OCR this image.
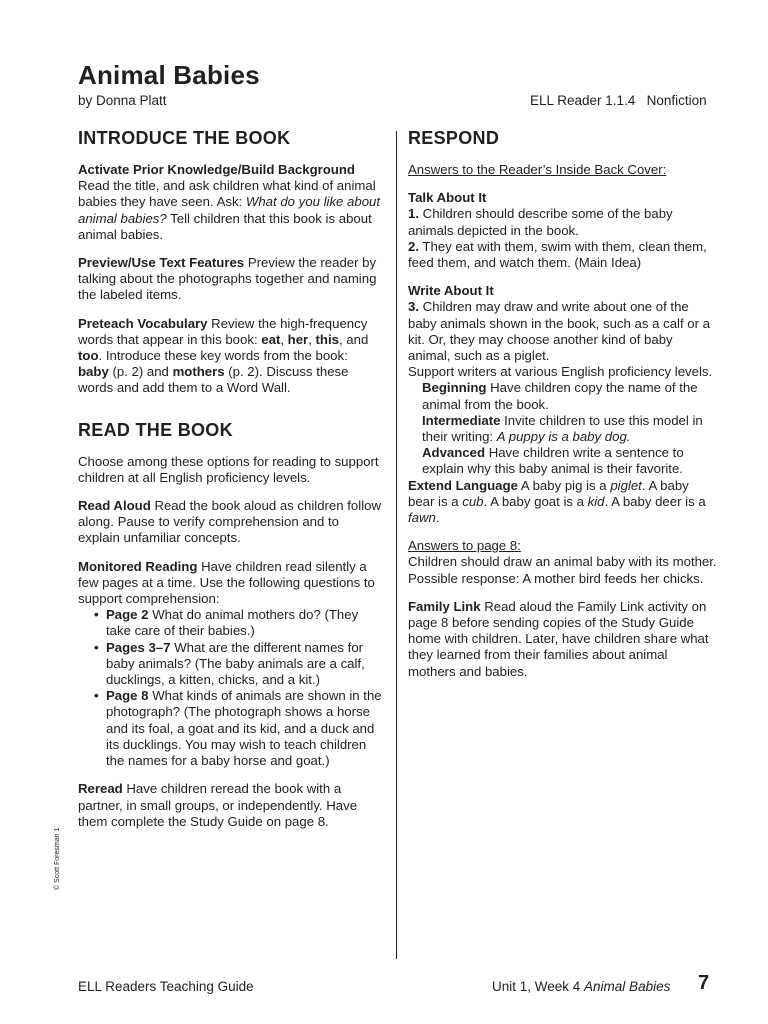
Animal Babies
by Donna Platt	ELL Reader 1.1.4   Nonfiction
INTRODUCE THE BOOK

Activate Prior Knowledge/Build Background Read the title, and ask children what kind of animal babies they have seen. Ask: What do you like about animal babies? Tell children that this book is about animal babies.

Preview/Use Text Features Preview the reader by talking about the photographs together and naming the labeled items.

Preteach Vocabulary Review the high-frequency words that appear in this book: eat, her, this, and too. Introduce these key words from the book: baby (p. 2) and mothers (p. 2). Discuss these words and add them to a Word Wall.

READ THE BOOK

Choose among these options for reading to support children at all English proficiency levels.

Read Aloud Read the book aloud as children follow along. Pause to verify comprehension and to explain unfamiliar concepts.

Monitored Reading Have children read silently a few pages at a time. Use the following questions to support comprehension:

• Page 2 What do animal mothers do? (They take care of their babies.)
• Pages 3–7 What are the different names for baby animals? (The baby animals are a calf, ducklings, a kitten, chicks, and a kit.)
• Page 8 What kinds of animals are shown in the photograph? (The photograph shows a horse and its foal, a goat and its kid, and a duck and its ducklings. You may wish to teach children the names for a baby horse and goat.)

Reread Have children reread the book with a partner, in small groups, or independently. Have them complete the Study Guide on page 8.

RESPOND

Answers to the Reader’s Inside Back Cover:

Talk About It
1. Children should describe some of the baby animals depicted in the book.
2. They eat with them, swim with them, clean them, feed them, and watch them. (Main Idea)

Write About It
3. Children may draw and write about one of the baby animals shown in the book, such as a calf or a kit. Or, they may choose another kind of baby animal, such as a piglet.
Support writers at various English proficiency levels.

Beginning Have children copy the name of the animal from the book.

Intermediate Invite children to use this model in their writing: A puppy is a baby dog.

Advanced Have children write a sentence to explain why this baby animal is their favorite.

Extend Language A baby pig is a piglet. A baby bear is a cub. A baby goat is a kid. A baby deer is a fawn.

Answers to page 8:
Children should draw an animal baby with its mother. Possible response: A mother bird feeds her chicks.

Family Link Read aloud the Family Link activity on page 8 before sending copies of the Study Guide home with children. Later, have children share what they learned from their families about animal mothers and babies.

© Scott Foresman 1
ELL Readers Teaching Guide	Unit 1, Week 4 Animal Babies 7
